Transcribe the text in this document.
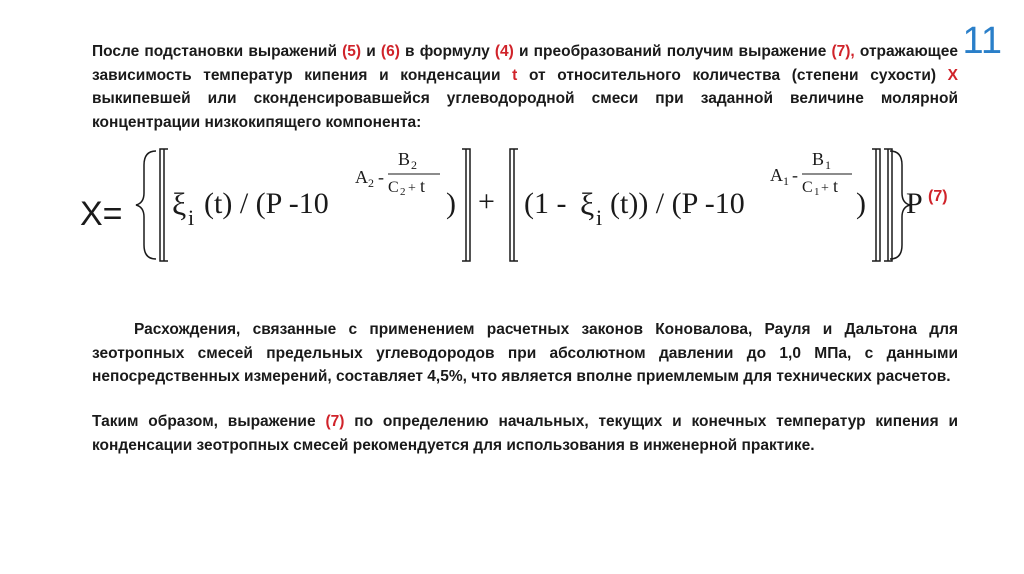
11
После подстановки выражений (5) и (6) в формулу (4) и преобразований получим выражение (7), отражающее зависимость температур кипения и конденсации t от относительного количества (степени сухости) X выкипевшей или сконденсировавшейся углеводородной смеси при заданной величине молярной концентрации низкокипящего компонента:
X= ξ i (t) / (P -10
A 2 -
B 2
C 2 + t
) + (1 - ξ i (t)) / (P -10
A 1 -
B 1
C 1 + t
) P (7)
Расхождения, связанные с применением расчетных законов Коновалова, Рауля и Дальтона для зеотропных смесей предельных углеводородов при абсолютном давлении до 1,0 МПа, с данными непосредственных измерений, составляет 4,5%, что является вполне приемлемым для технических расчетов.
Таким образом, выражение (7) по определению начальных, текущих и конечных температур кипения и конденсации зеотропных смесей рекомендуется для использования в инженерной практике.
